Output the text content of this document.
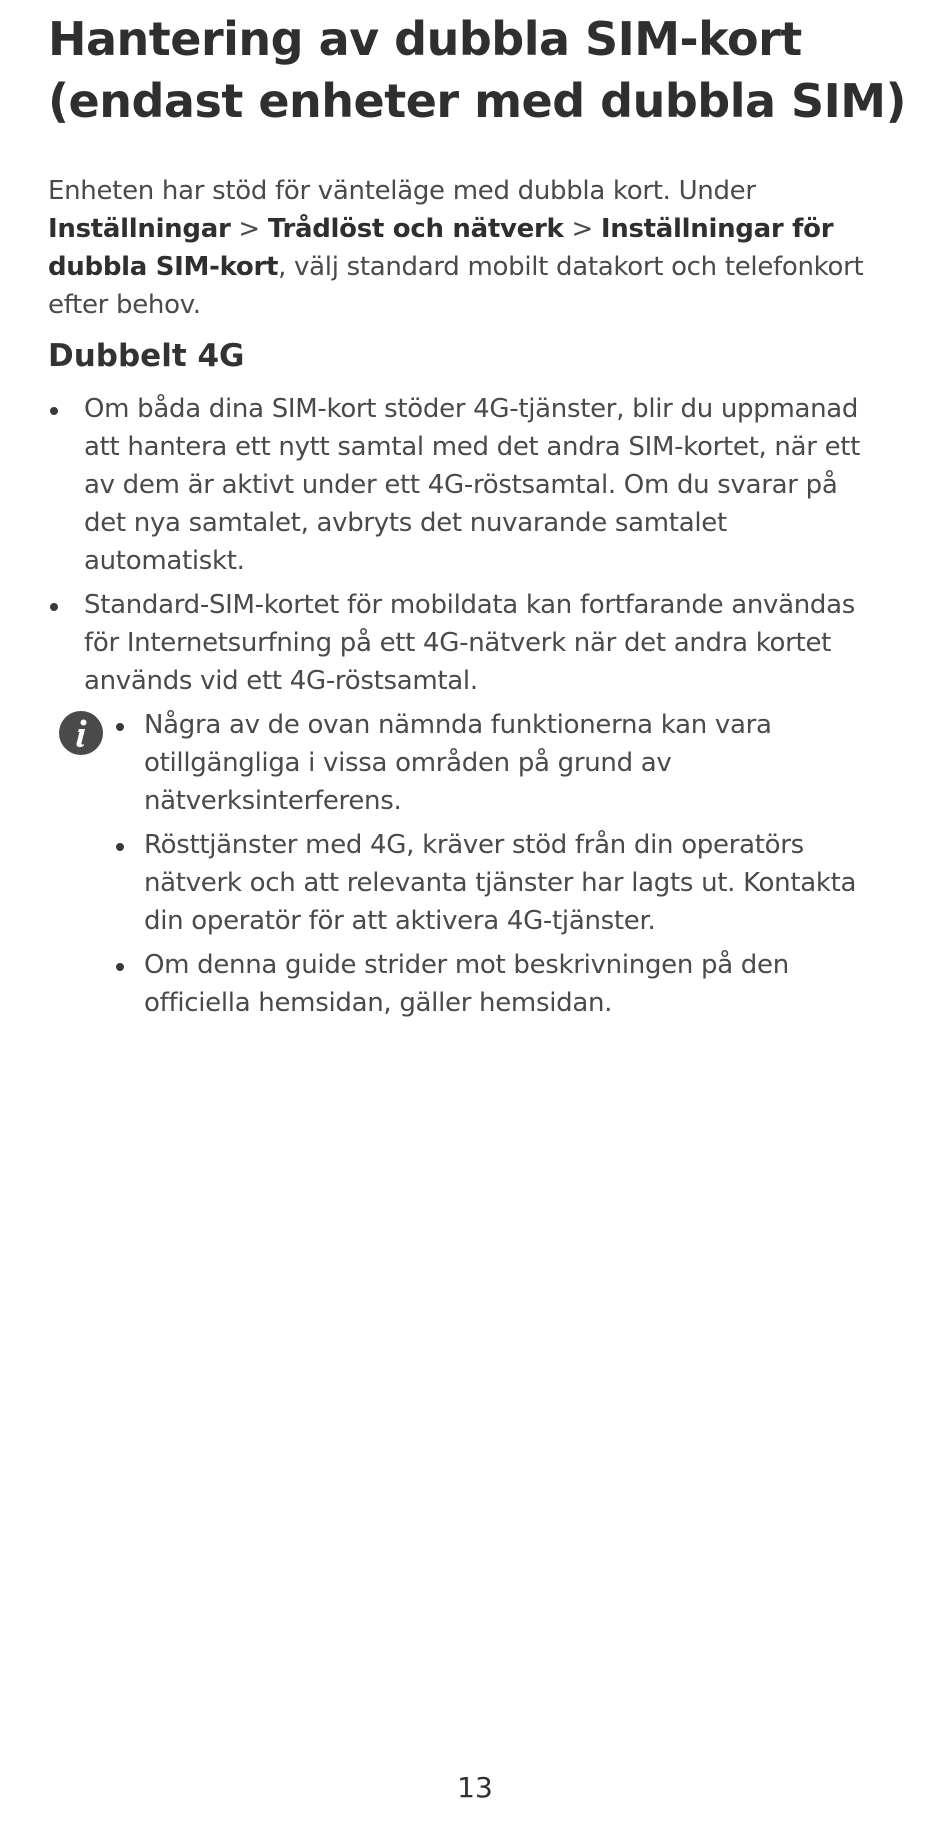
Hantering av dubbla SIM-kort (endast enheter med dubbla SIM)

Enheten har stöd för vänteläge med dubbla kort. Under Inställningar > Trådlöst och nätverk > Inställningar för dubbla SIM-kort, välj standard mobilt datakort och telefonkort efter behov.

Dubbelt 4G
Om båda dina SIM-kort stöder 4G-tjänster, blir du uppmanad att hantera ett nytt samtal med det andra SIM-kortet, när ett av dem är aktivt under ett 4G-röstsamtal. Om du svarar på det nya samtalet, avbryts det nuvarande samtalet automatiskt.
Standard-SIM-kortet för mobildata kan fortfarande användas för Internetsurfning på ett 4G-nätverk när det andra kortet används vid ett 4G-röstsamtal.
Några av de ovan nämnda funktionerna kan vara otillgängliga i vissa områden på grund av nätverksinterferens.
Rösttjänster med 4G, kräver stöd från din operatörs nätverk och att relevanta tjänster har lagts ut. Kontakta din operatör för att aktivera 4G-tjänster.
Om denna guide strider mot beskrivningen på den officiella hemsidan, gäller hemsidan.
13
